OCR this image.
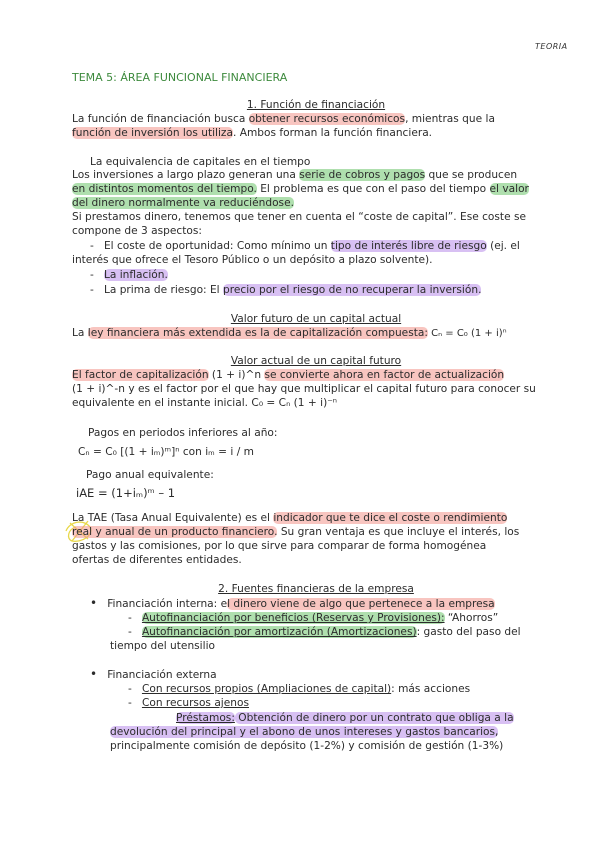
TEORIA
TEMA 5: ÁREA FUNCIONAL FINANCIERA
1. Función de financiación
La función de financiación busca obtener recursos económicos, mientras que la
función de inversión los utiliza. Ambos forman la función financiera.
La equivalencia de capitales en el tiempo
Los inversiones a largo plazo generan una serie de cobros y pagos que se producen
en distintos momentos del tiempo. El problema es que con el paso del tiempo el valor
del dinero normalmente va reduciéndose.
Si prestamos dinero, tenemos que tener en cuenta el “coste de capital”. Ese coste se
compone de 3 aspectos:
- El coste de oportunidad: Como mínimo un tipo de interés libre de riesgo (ej. el
interés que ofrece el Tesoro Público o un depósito a plazo solvente).
- La inflación.
- La prima de riesgo: El precio por el riesgo de no recuperar la inversión.
Valor futuro de un capital actual
La ley financiera más extendida es la de capitalización compuesta: Cₙ = C₀ (1 + i)ⁿ
Valor actual de un capital futuro
El factor de capitalización (1 + i)^n se convierte ahora en factor de actualización
(1 + i)^-n y es el factor por el que hay que multiplicar el capital futuro para conocer su
equivalente en el instante inicial. C₀ = Cₙ (1 + i)⁻ⁿ
Pagos en periodos inferiores al año:
Cₙ = C₀ [(1 + iₘ)ᵐ]ⁿ con iₘ = i / m
Pago anual equivalente:
iAE = (1+iₘ)ᵐ – 1
La TAE (Tasa Anual Equivalente) es el indicador que te dice el coste o rendimiento
real y anual de un producto financiero. Su gran ventaja es que incluye el interés, los
gastos y las comisiones, por lo que sirve para comparar de forma homogénea
ofertas de diferentes entidades.
2. Fuentes financieras de la empresa
• Financiación interna: el dinero viene de algo que pertenece a la empresa
-   Autofinanciación por beneficios (Reservas y Provisiones): “Ahorros”
-   Autofinanciación por amortización (Amortizaciones): gasto del paso del
tiempo del utensilio
• Financiación externa
-   Con recursos propios (Ampliaciones de capital): más acciones
-   Con recursos ajenos
Préstamos: Obtención de dinero por un contrato que obliga a la
devolución del principal y el abono de unos intereses y gastos bancarios,
principalmente comisión de depósito (1-2%) y comisión de gestión (1-3%)
